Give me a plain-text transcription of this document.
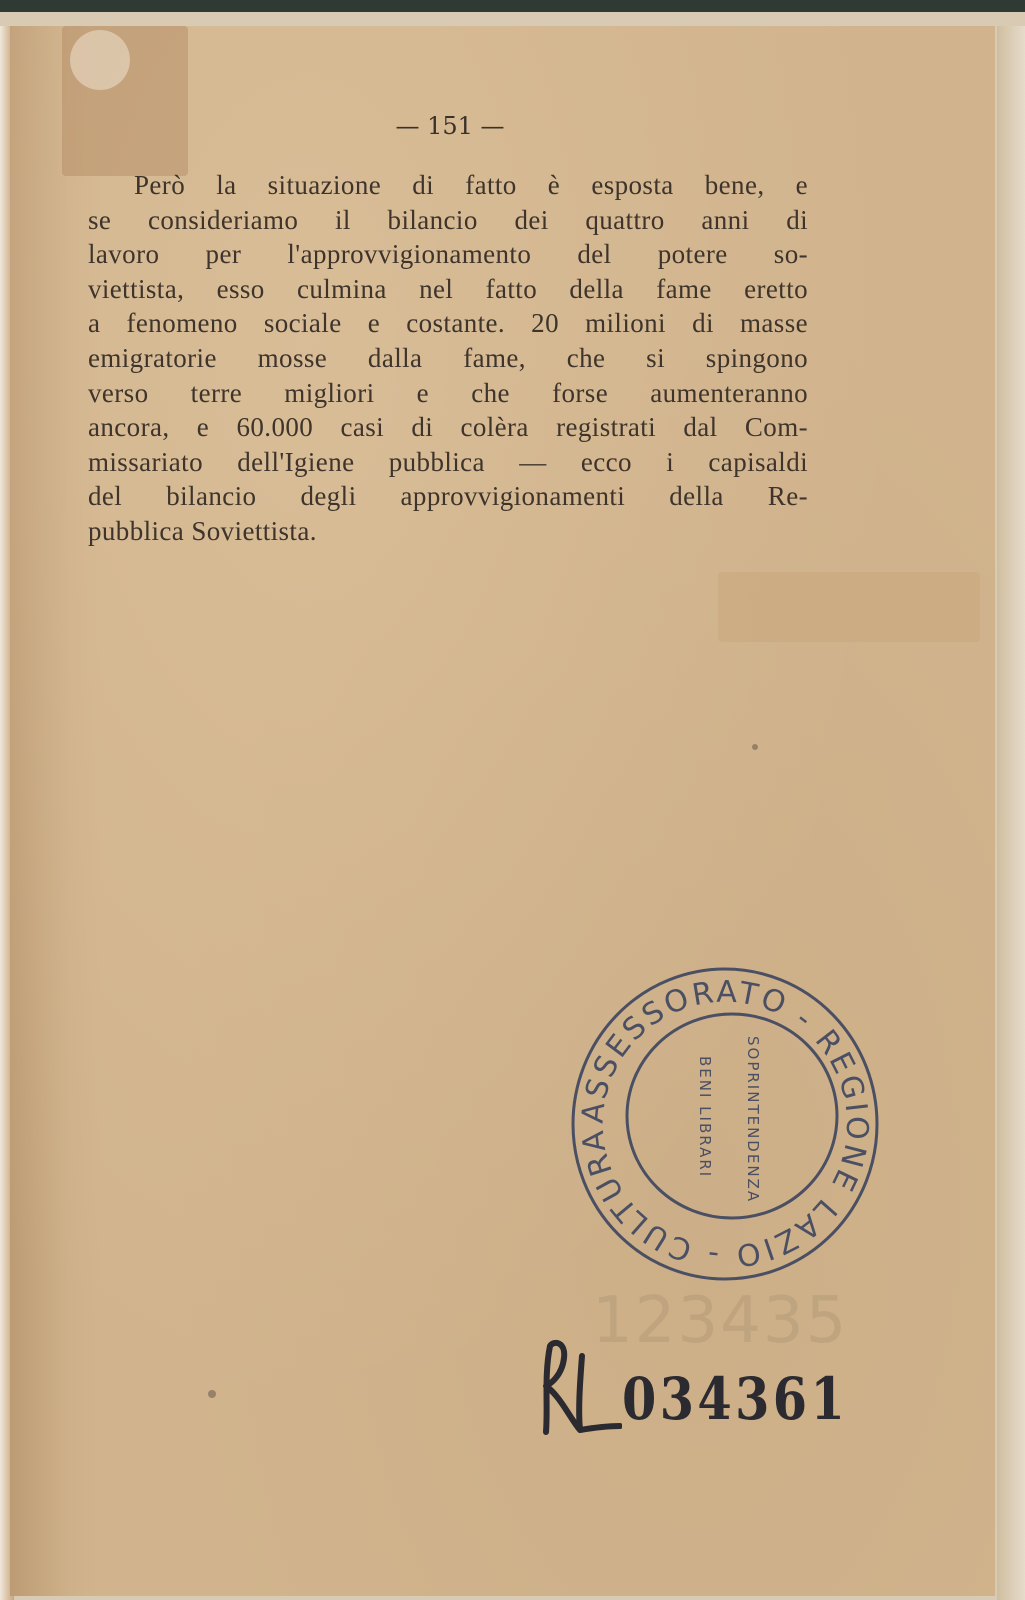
— 151 —
Però la situazione di fatto è esposta bene, e
se consideriamo il bilancio dei quattro anni di
lavoro per l'approvvigionamento del potere so-
viettista, esso culmina nel fatto della fame eretto
a fenomeno sociale e costante. 20 milioni di masse
emigratorie mosse dalla fame, che si spingono
verso terre migliori e che forse aumenteranno
ancora, e 60.000 casi di colèra registrati dal Com-
missariato dell'Igiene pubblica — ecco i capisaldi
del bilancio degli approvvigionamenti della Re-
pubblica Soviettista.
ASSESSORATO - REGIONE LAZIO - CULTURA	SOPRINTENDENZA
BENI LIBRARI
123435
034361
